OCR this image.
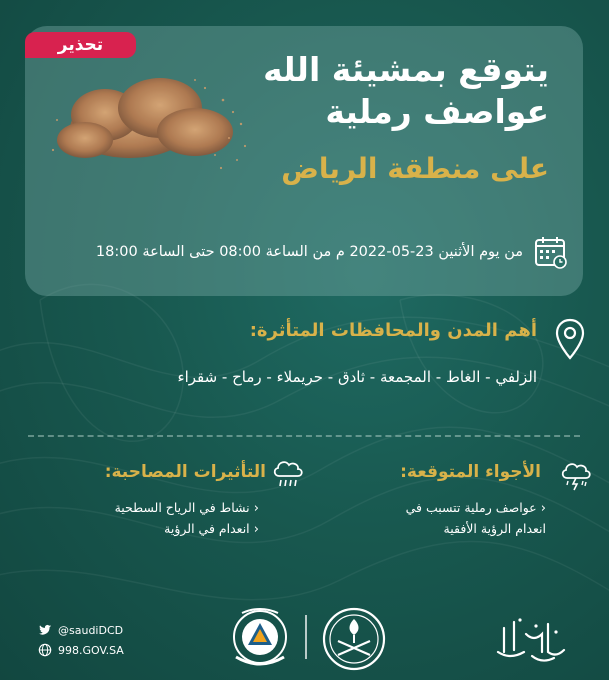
تحذير
يتوقع بمشيئة الله
عواصف رملية
على منطقة الرياض
من يوم الأثنين 23-05-2022 م من الساعة 08:00 حتى الساعة 18:00
أهم المدن والمحافظات المتأثرة:
الزلفي - الغاط - المجمعة - ثادق - حريملاء - رماح - شقراء
الأجواء المتوقعة:
‹ عواصف رملية تتسبب في
انعدام الرؤية الأفقية
التأثيرات المصاحبة:
‹ نشاط في الرياح السطحية
‹ انعدام في الرؤية
@saudiDCD
998.GOV.SA
